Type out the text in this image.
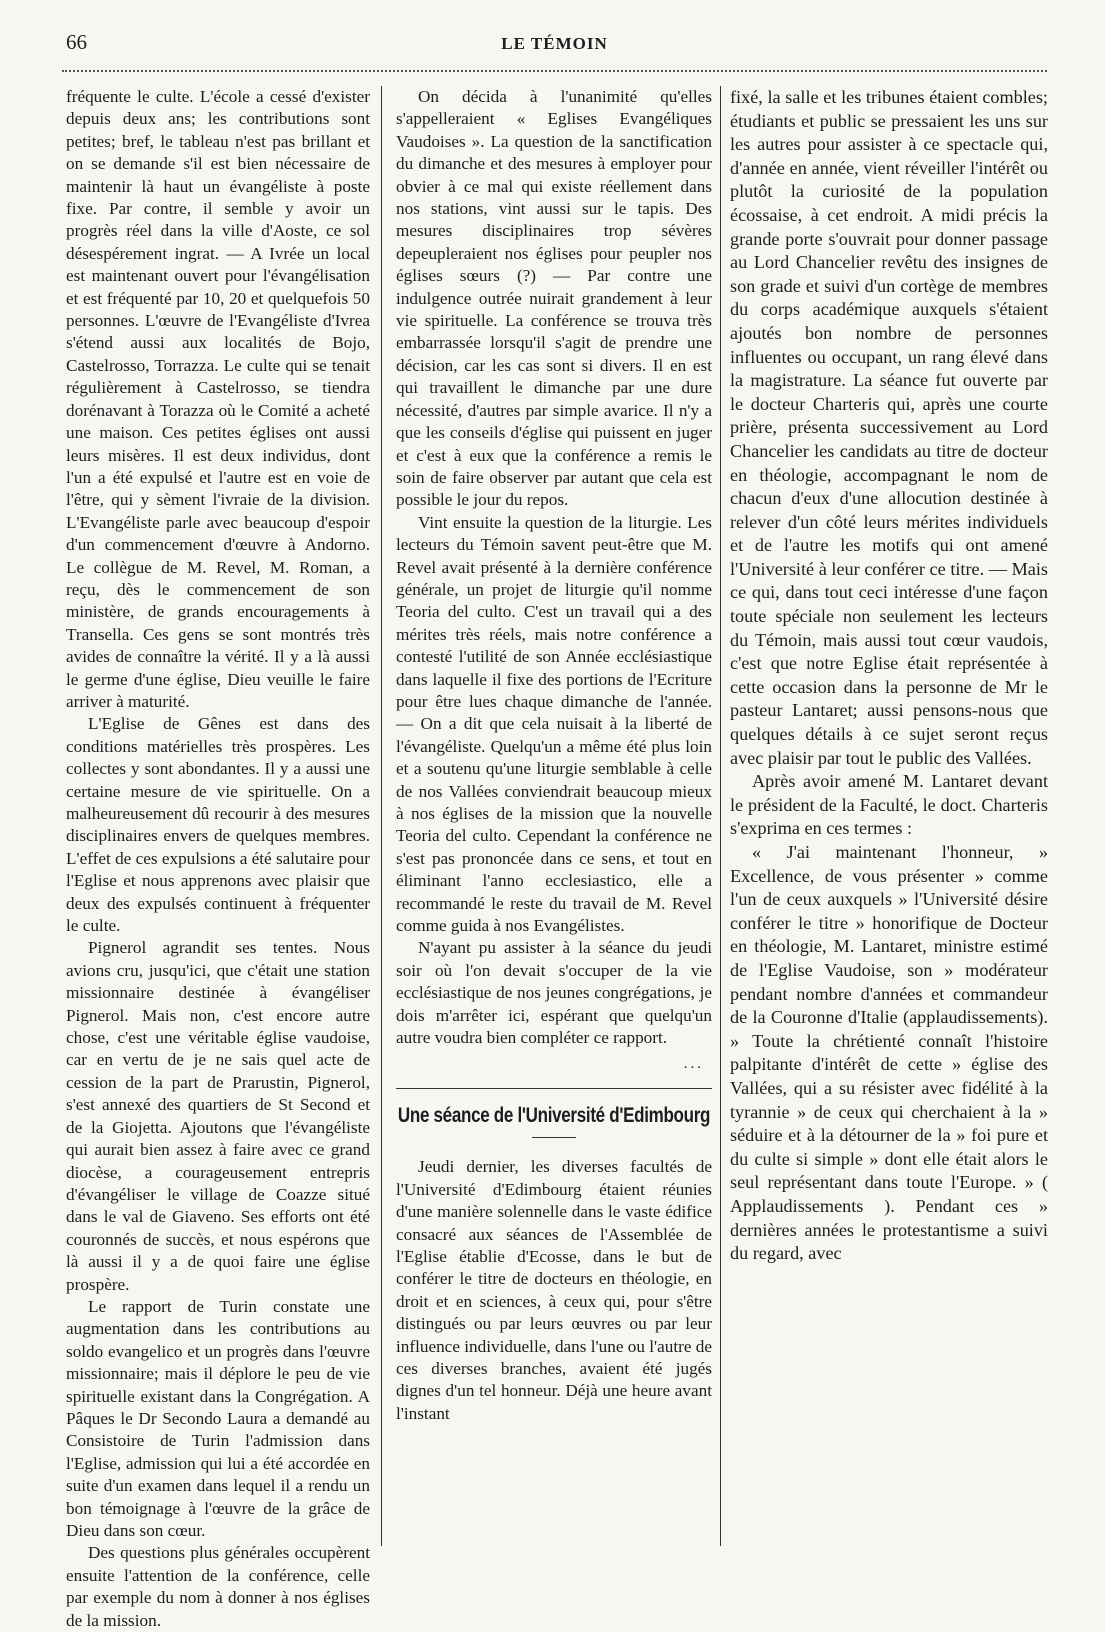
66	LE TÉMOIN

fréquente le culte. L'école a cessé d'exister depuis deux ans; les contributions sont petites; bref, le tableau n'est pas brillant et on se demande s'il est bien nécessaire de maintenir là haut un évangéliste à poste fixe. Par contre, il semble y avoir un progrès réel dans la ville d'Aoste, ce sol désespérement ingrat. — A Ivrée un local est maintenant ouvert pour l'évangélisation et est fréquenté par 10, 20 et quelquefois 50 personnes. L'œuvre de l'Evangéliste d'Ivrea s'étend aussi aux localités de Bojo, Castelrosso, Torrazza. Le culte qui se tenait régulièrement à Castelrosso, se tiendra dorénavant à Torazza où le Comité a acheté une maison. Ces petites églises ont aussi leurs misères. Il est deux individus, dont l'un a été expulsé et l'autre est en voie de l'être, qui y sèment l'ivraie de la division. L'Evangéliste parle avec beaucoup d'espoir d'un commencement d'œuvre à Andorno. Le collègue de M. Revel, M. Roman, a reçu, dès le commencement de son ministère, de grands encouragements à Transella. Ces gens se sont montrés très avides de connaître la vérité. Il y a là aussi le germe d'une église, Dieu veuille le faire arriver à maturité.

L'Eglise de Gênes est dans des conditions matérielles très prospères. Les collectes y sont abondantes. Il y a aussi une certaine mesure de vie spirituelle. On a malheureusement dû recourir à des mesures disciplinaires envers de quelques membres. L'effet de ces expulsions a été salutaire pour l'Eglise et nous apprenons avec plaisir que deux des expulsés continuent à fréquenter le culte.

Pignerol agrandit ses tentes. Nous avions cru, jusqu'ici, que c'était une station missionnaire destinée à évangéliser Pignerol. Mais non, c'est encore autre chose, c'est une véritable église vaudoise, car en vertu de je ne sais quel acte de cession de la part de Prarustin, Pignerol, s'est annexé des quartiers de St Second et de la Giojetta. Ajoutons que l'évangéliste qui aurait bien assez à faire avec ce grand diocèse, a courageusement entrepris d'évangéliser le village de Coazze situé dans le val de Giaveno. Ses efforts ont été couronnés de succès, et nous espérons que là aussi il y a de quoi faire une église prospère.

Le rapport de Turin constate une augmentation dans les contributions au soldo evangelico et un progrès dans l'œuvre missionnaire; mais il déplore le peu de vie spirituelle existant dans la Congrégation. A Pâques le Dr Secondo Laura a demandé au Consistoire de Turin l'admission dans l'Eglise, admission qui lui a été accordée en suite d'un examen dans lequel il a rendu un bon témoignage à l'œuvre de la grâce de Dieu dans son cœur.

Des questions plus générales occupèrent ensuite l'attention de la conférence, celle par exemple du nom à donner à nos églises de la mission.

On décida à l'unanimité qu'elles s'appelleraient « Eglises Evangéliques Vaudoises ». La question de la sanctification du dimanche et des mesures à employer pour obvier à ce mal qui existe réellement dans nos stations, vint aussi sur le tapis. Des mesures disciplinaires trop sévères depeupleraient nos églises pour peupler nos églises sœurs (?) — Par contre une indulgence outrée nuirait grandement à leur vie spirituelle. La conférence se trouva très embarrassée lorsqu'il s'agit de prendre une décision, car les cas sont si divers. Il en est qui travaillent le dimanche par une dure nécessité, d'autres par simple avarice. Il n'y a que les conseils d'église qui puissent en juger et c'est à eux que la conférence a remis le soin de faire observer par autant que cela est possible le jour du repos.

Vint ensuite la question de la liturgie. Les lecteurs du Témoin savent peut-être que M. Revel avait présenté à la dernière conférence générale, un projet de liturgie qu'il nomme Teoria del culto. C'est un travail qui a des mérites très réels, mais notre conférence a contesté l'utilité de son Année ecclésiastique dans laquelle il fixe des portions de l'Ecriture pour être lues chaque dimanche de l'année. — On a dit que cela nuisait à la liberté de l'évangéliste. Quelqu'un a même été plus loin et a soutenu qu'une liturgie semblable à celle de nos Vallées conviendrait beaucoup mieux à nos églises de la mission que la nouvelle Teoria del culto. Cependant la conférence ne s'est pas prononcée dans ce sens, et tout en éliminant l'anno ecclesiastico, elle a recommandé le reste du travail de M. Revel comme guida à nos Evangélistes.

N'ayant pu assister à la séance du jeudi soir où l'on devait s'occuper de la vie ecclésiastique de nos jeunes congrégations, je dois m'arrêter ici, espérant que quelqu'un autre voudra bien compléter ce rapport.

...
Une séance de l'Université d'Edimbourg

Jeudi dernier, les diverses facultés de l'Université d'Edimbourg étaient réunies d'une manière solennelle dans le vaste édifice consacré aux séances de l'Assemblée de l'Eglise établie d'Ecosse, dans le but de conférer le titre de docteurs en théologie, en droit et en sciences, à ceux qui, pour s'être distingués ou par leurs œuvres ou par leur influence individuelle, dans l'une ou l'autre de ces diverses branches, avaient été jugés dignes d'un tel honneur. Déjà une heure avant l'instant

fixé, la salle et les tribunes étaient combles; étudiants et public se pressaient les uns sur les autres pour assister à ce spectacle qui, d'année en année, vient réveiller l'intérêt ou plutôt la curiosité de la population écossaise, à cet endroit. A midi précis la grande porte s'ouvrait pour donner passage au Lord Chancelier revêtu des insignes de son grade et suivi d'un cortège de membres du corps académique auxquels s'étaient ajoutés bon nombre de personnes influentes ou occupant, un rang élevé dans la magistrature. La séance fut ouverte par le docteur Charteris qui, après une courte prière, présenta successivement au Lord Chancelier les candidats au titre de docteur en théologie, accompagnant le nom de chacun d'eux d'une allocution destinée à relever d'un côté leurs mérites individuels et de l'autre les motifs qui ont amené l'Université à leur conférer ce titre. — Mais ce qui, dans tout ceci intéresse d'une façon toute spéciale non seulement les lecteurs du Témoin, mais aussi tout cœur vaudois, c'est que notre Eglise était représentée à cette occasion dans la personne de Mr le pasteur Lantaret; aussi pensons-nous que quelques détails à ce sujet seront reçus avec plaisir par tout le public des Vallées.

Après avoir amené M. Lantaret devant le président de la Faculté, le doct. Charteris s'exprima en ces termes :

« J'ai maintenant l'honneur, » Excellence, de vous présenter » comme l'un de ceux auxquels » l'Université désire conférer le titre » honorifique de Docteur en théologie, M. Lantaret, ministre estimé de l'Eglise Vaudoise, son » modérateur pendant nombre d'années et commandeur de la Couronne d'Italie (applaudissements). » Toute la chrétienté connaît l'histoire palpitante d'intérêt de cette » église des Vallées, qui a su résister avec fidélité à la tyrannie » de ceux qui cherchaient à la » séduire et à la détourner de la » foi pure et du culte si simple » dont elle était alors le seul représentant dans toute l'Europe. » ( Applaudissements ). Pendant ces » dernières années le protestantisme a suivi du regard, avec
